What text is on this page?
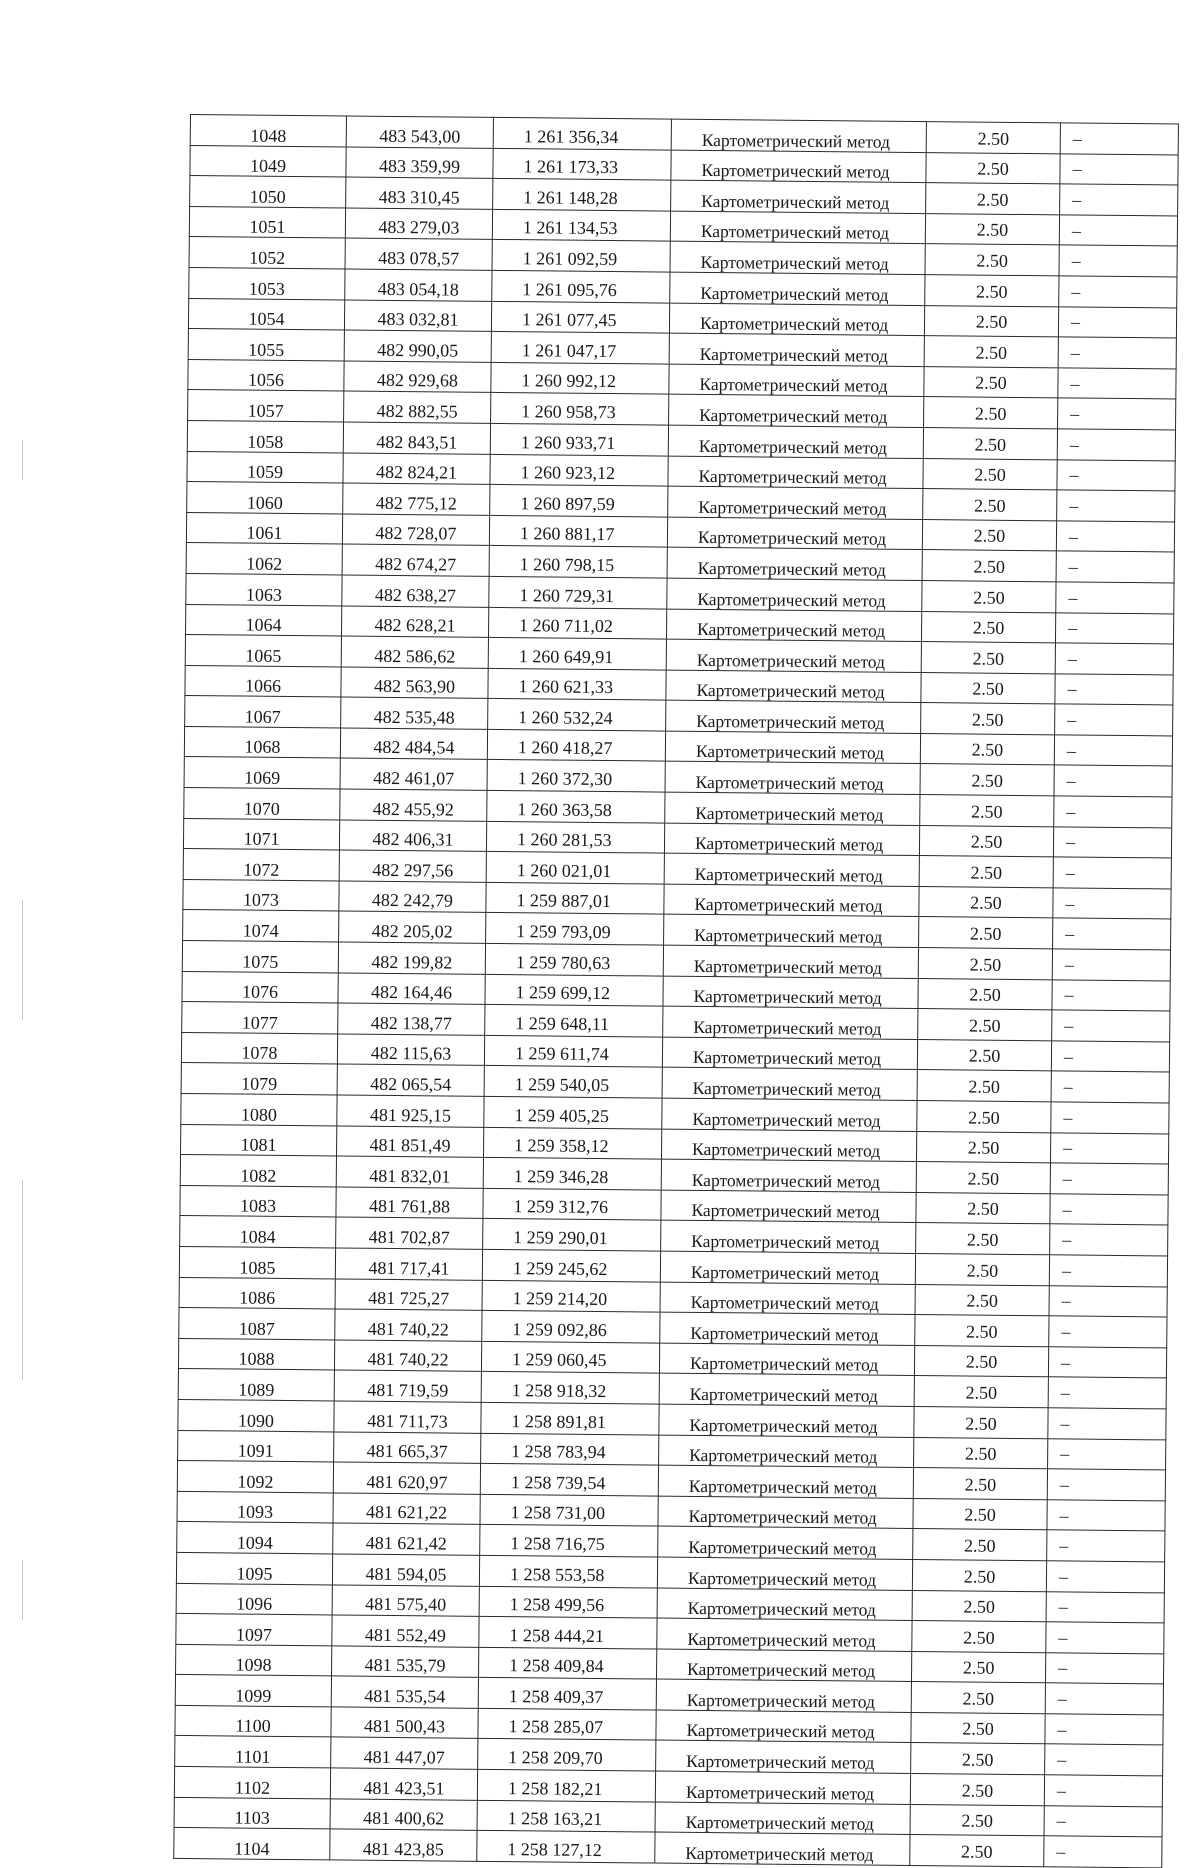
1048	483 543,00	1 261 356,34	Картометрический метод	2.50	–
1049	483 359,99	1 261 173,33	Картометрический метод	2.50	–
1050	483 310,45	1 261 148,28	Картометрический метод	2.50	–
1051	483 279,03	1 261 134,53	Картометрический метод	2.50	–
1052	483 078,57	1 261 092,59	Картометрический метод	2.50	–
1053	483 054,18	1 261 095,76	Картометрический метод	2.50	–
1054	483 032,81	1 261 077,45	Картометрический метод	2.50	–
1055	482 990,05	1 261 047,17	Картометрический метод	2.50	–
1056	482 929,68	1 260 992,12	Картометрический метод	2.50	–
1057	482 882,55	1 260 958,73	Картометрический метод	2.50	–
1058	482 843,51	1 260 933,71	Картометрический метод	2.50	–
1059	482 824,21	1 260 923,12	Картометрический метод	2.50	–
1060	482 775,12	1 260 897,59	Картометрический метод	2.50	–
1061	482 728,07	1 260 881,17	Картометрический метод	2.50	–
1062	482 674,27	1 260 798,15	Картометрический метод	2.50	–
1063	482 638,27	1 260 729,31	Картометрический метод	2.50	–
1064	482 628,21	1 260 711,02	Картометрический метод	2.50	–
1065	482 586,62	1 260 649,91	Картометрический метод	2.50	–
1066	482 563,90	1 260 621,33	Картометрический метод	2.50	–
1067	482 535,48	1 260 532,24	Картометрический метод	2.50	–
1068	482 484,54	1 260 418,27	Картометрический метод	2.50	–
1069	482 461,07	1 260 372,30	Картометрический метод	2.50	–
1070	482 455,92	1 260 363,58	Картометрический метод	2.50	–
1071	482 406,31	1 260 281,53	Картометрический метод	2.50	–
1072	482 297,56	1 260 021,01	Картометрический метод	2.50	–
1073	482 242,79	1 259 887,01	Картометрический метод	2.50	–
1074	482 205,02	1 259 793,09	Картометрический метод	2.50	–
1075	482 199,82	1 259 780,63	Картометрический метод	2.50	–
1076	482 164,46	1 259 699,12	Картометрический метод	2.50	–
1077	482 138,77	1 259 648,11	Картометрический метод	2.50	–
1078	482 115,63	1 259 611,74	Картометрический метод	2.50	–
1079	482 065,54	1 259 540,05	Картометрический метод	2.50	–
1080	481 925,15	1 259 405,25	Картометрический метод	2.50	–
1081	481 851,49	1 259 358,12	Картометрический метод	2.50	–
1082	481 832,01	1 259 346,28	Картометрический метод	2.50	–
1083	481 761,88	1 259 312,76	Картометрический метод	2.50	–
1084	481 702,87	1 259 290,01	Картометрический метод	2.50	–
1085	481 717,41	1 259 245,62	Картометрический метод	2.50	–
1086	481 725,27	1 259 214,20	Картометрический метод	2.50	–
1087	481 740,22	1 259 092,86	Картометрический метод	2.50	–
1088	481 740,22	1 259 060,45	Картометрический метод	2.50	–
1089	481 719,59	1 258 918,32	Картометрический метод	2.50	–
1090	481 711,73	1 258 891,81	Картометрический метод	2.50	–
1091	481 665,37	1 258 783,94	Картометрический метод	2.50	–
1092	481 620,97	1 258 739,54	Картометрический метод	2.50	–
1093	481 621,22	1 258 731,00	Картометрический метод	2.50	–
1094	481 621,42	1 258 716,75	Картометрический метод	2.50	–
1095	481 594,05	1 258 553,58	Картометрический метод	2.50	–
1096	481 575,40	1 258 499,56	Картометрический метод	2.50	–
1097	481 552,49	1 258 444,21	Картометрический метод	2.50	–
1098	481 535,79	1 258 409,84	Картометрический метод	2.50	–
1099	481 535,54	1 258 409,37	Картометрический метод	2.50	–
1100	481 500,43	1 258 285,07	Картометрический метод	2.50	–
1101	481 447,07	1 258 209,70	Картометрический метод	2.50	–
1102	481 423,51	1 258 182,21	Картометрический метод	2.50	–
1103	481 400,62	1 258 163,21	Картометрический метод	2.50	–
1104	481 423,85	1 258 127,12	Картометрический метод	2.50	–
